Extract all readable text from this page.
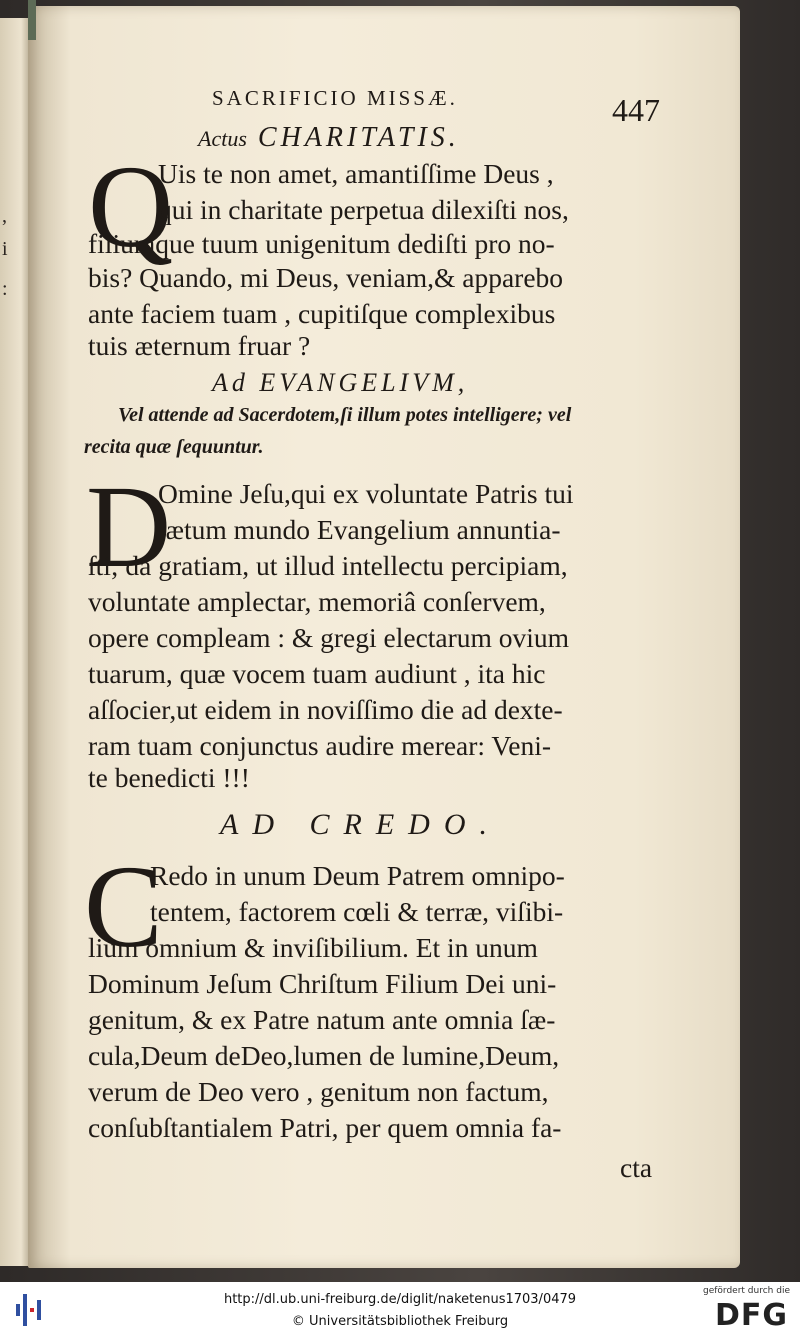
,
i
:
SACRIFICIO MISSÆ.	447
Actus CHARITATIS.
Q
Uis te non amet, amantiſſime Deus ,
qui in charitate perpetua dilexiſti nos,
filiumque tuum unigenitum dediſti pro no-
bis? Quando, mi Deus, veniam,& apparebo
ante faciem tuam , cupitiſque complexibus
tuis æternum fruar ?
Ad EVANGELIVM,
Vel attende ad Sacerdotem,ſi illum potes intelligere; vel
recita quæ ſequuntur.
D
Omine Jeſu,qui ex voluntate Patris tui
lætum mundo Evangelium annuntia-
ſti; da gratiam, ut illud intellectu percipiam,
voluntate amplectar, memoriâ conſervem,
opere compleam : & gregi electarum ovium
tuarum, quæ vocem tuam audiunt , ita hic
aſſocier,ut eidem in noviſſimo die ad dexte-
ram tuam conjunctus audire merear: Veni-
te benedicti !!!
AD CREDO.
C
Redo in unum Deum Patrem omnipo-
tentem, factorem cœli & terræ, viſibi-
lium omnium & inviſibilium. Et in unum
Dominum Jeſum Chriſtum Filium Dei uni-
genitum, & ex Patre natum ante omnia ſæ-
cula,Deum deDeo,lumen de lumine,Deum,
verum de Deo vero , genitum non factum,
conſubſtantialem Patri, per quem omnia fa-
cta
http://dl.ub.uni-freiburg.de/diglit/naketenus1703/0479
© Universitätsbibliothek Freiburg
gefördert durch die
DFG
